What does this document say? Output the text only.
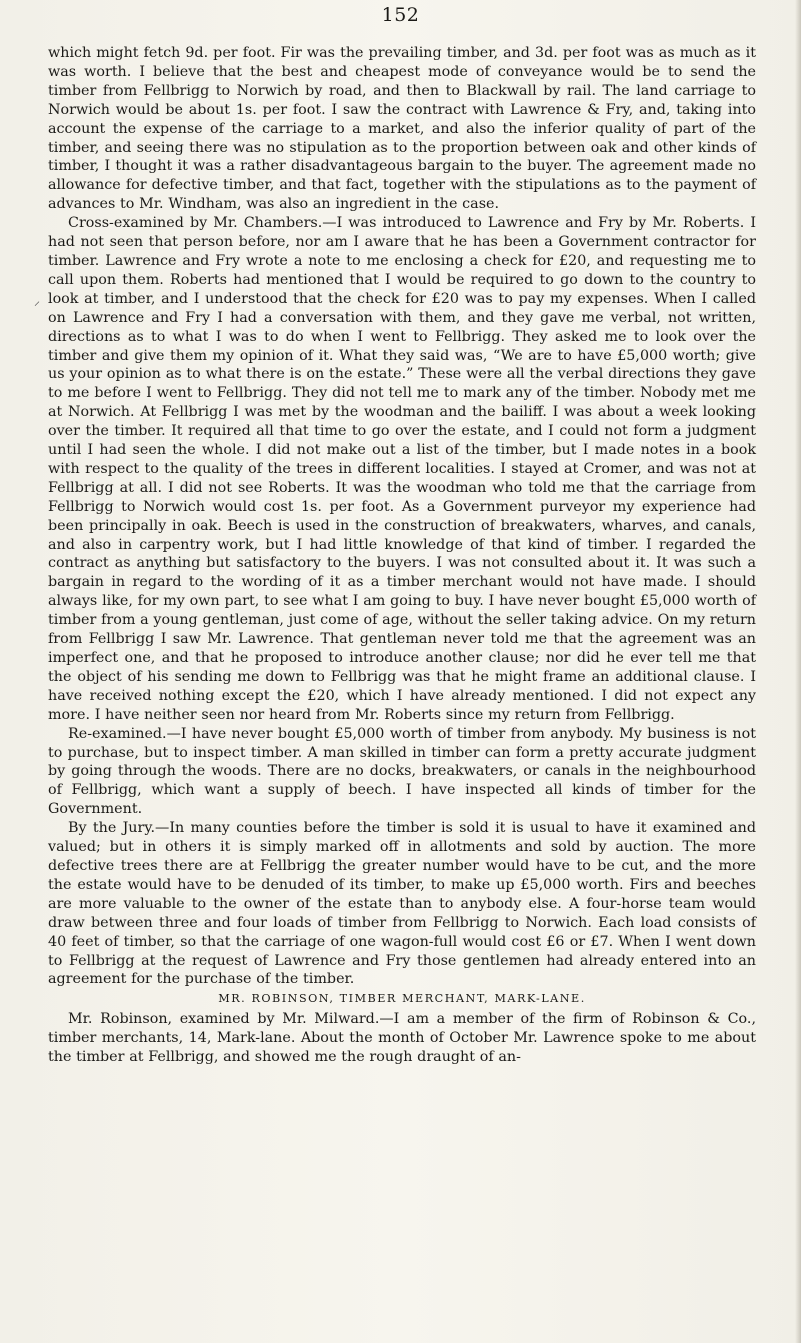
152

which might fetch 9d. per foot. Fir was the prevailing timber, and 3d. per foot was as much as it was worth. I believe that the best and cheapest mode of conveyance would be to send the timber from Fellbrigg to Norwich by road, and then to Blackwall by rail. The land carriage to Norwich would be about 1s. per foot. I saw the contract with Lawrence & Fry, and, taking into account the expense of the carriage to a market, and also the inferior quality of part of the timber, and seeing there was no stipulation as to the proportion between oak and other kinds of timber, I thought it was a rather disadvantageous bargain to the buyer. The agreement made no allowance for defective timber, and that fact, together with the stipulations as to the payment of advances to Mr. Windham, was also an ingredient in the case.

Cross-examined by Mr. Chambers.—I was introduced to Lawrence and Fry by Mr. Roberts. I had not seen that person before, nor am I aware that he has been a Government contractor for timber. Lawrence and Fry wrote a note to me enclosing a check for £20, and requesting me to call upon them. Roberts had mentioned that I would be required to go down to the country to look at timber, and I understood that the check for £20 was to pay my expenses. When I called on Lawrence and Fry I had a conversation with them, and they gave me verbal, not written, directions as to what I was to do when I went to Fellbrigg. They asked me to look over the timber and give them my opinion of it. What they said was, “We are to have £5,000 worth; give us your opinion as to what there is on the estate.” These were all the verbal directions they gave to me before I went to Fellbrigg. They did not tell me to mark any of the timber. Nobody met me at Norwich. At Fellbrigg I was met by the woodman and the bailiff. I was about a week looking over the timber. It required all that time to go over the estate, and I could not form a judgment until I had seen the whole. I did not make out a list of the timber, but I made notes in a book with respect to the quality of the trees in different localities. I stayed at Cromer, and was not at Fellbrigg at all. I did not see Roberts. It was the woodman who told me that the carriage from Fellbrigg to Norwich would cost 1s. per foot. As a Government purveyor my experience had been principally in oak. Beech is used in the construction of breakwaters, wharves, and canals, and also in carpentry work, but I had little knowledge of that kind of timber. I regarded the contract as anything but satisfactory to the buyers. I was not consulted about it. It was such a bargain in regard to the wording of it as a timber merchant would not have made. I should always like, for my own part, to see what I am going to buy. I have never bought £5,000 worth of timber from a young gentleman, just come of age, without the seller taking advice. On my return from Fellbrigg I saw Mr. Lawrence. That gentleman never told me that the agreement was an imperfect one, and that he proposed to introduce another clause; nor did he ever tell me that the object of his sending me down to Fellbrigg was that he might frame an additional clause. I have received nothing except the £20, which I have already mentioned. I did not expect any more. I have neither seen nor heard from Mr. Roberts since my return from Fellbrigg.

Re-examined.—I have never bought £5,000 worth of timber from anybody. My business is not to purchase, but to inspect timber. A man skilled in timber can form a pretty accurate judgment by going through the woods. There are no docks, breakwaters, or canals in the neighbourhood of Fellbrigg, which want a supply of beech. I have inspected all kinds of timber for the Government.

By the Jury.—In many counties before the timber is sold it is usual to have it examined and valued; but in others it is simply marked off in allotments and sold by auction. The more defective trees there are at Fellbrigg the greater number would have to be cut, and the more the estate would have to be denuded of its timber, to make up £5,000 worth. Firs and beeches are more valuable to the owner of the estate than to anybody else. A four-horse team would draw between three and four loads of timber from Fellbrigg to Norwich. Each load consists of 40 feet of timber, so that the carriage of one wagon-full would cost £6 or £7. When I went down to Fellbrigg at the request of Lawrence and Fry those gentlemen had already entered into an agreement for the purchase of the timber.

MR. ROBINSON, TIMBER MERCHANT, MARK-LANE.

Mr. Robinson, examined by Mr. Milward.—I am a member of the firm of Robinson & Co., timber merchants, 14, Mark-lane. About the month of October Mr. Lawrence spoke to me about the timber at Fellbrigg, and showed me the rough draught of an-

⸍
